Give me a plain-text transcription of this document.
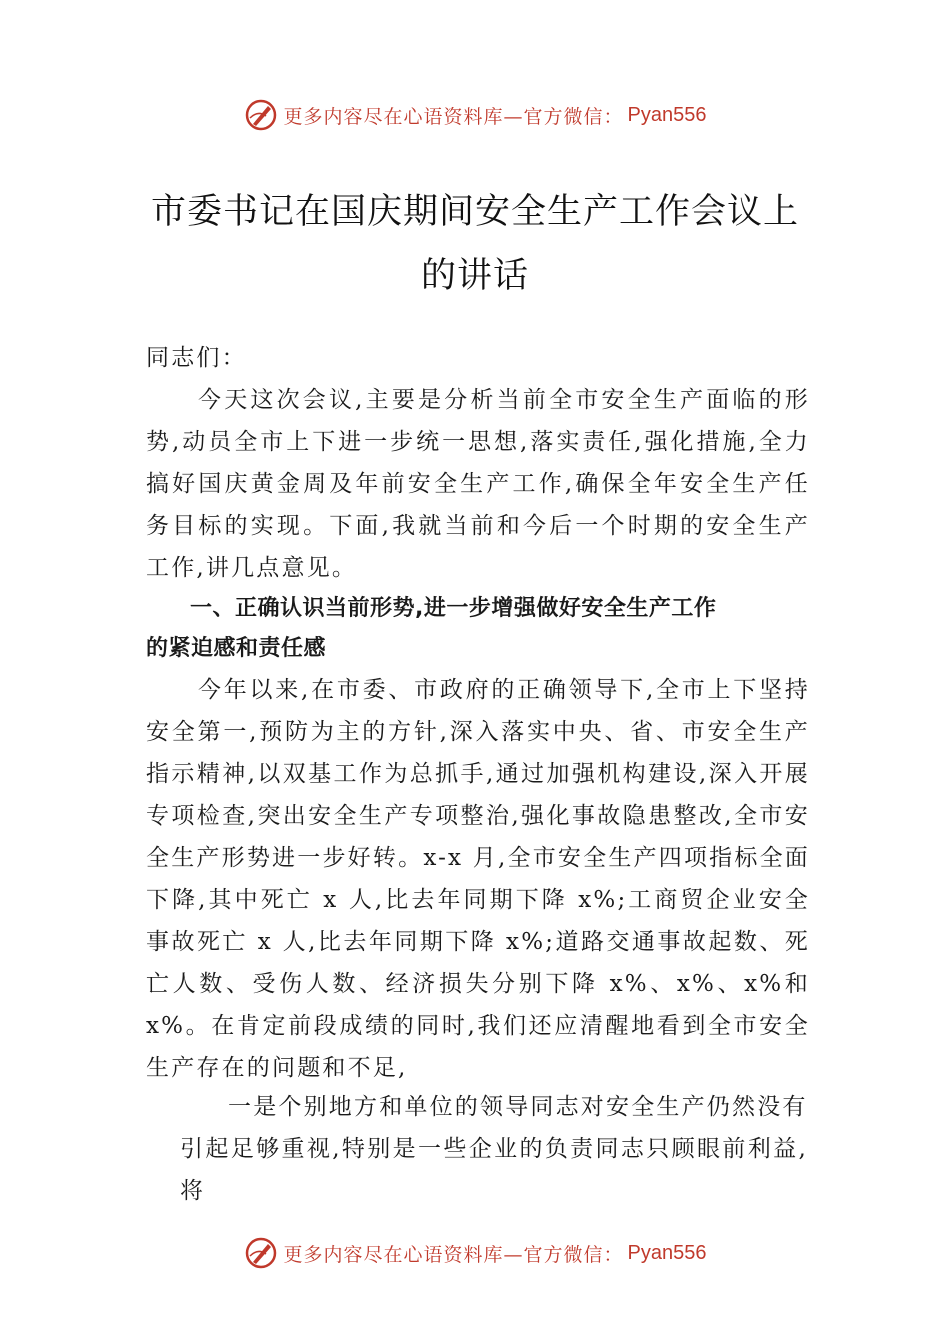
更多内容尽在心语资料库—官方微信： Pyan556
市委书记在国庆期间安全生产工作会议上
的讲话

同志们：

今天这次会议,主要是分析当前全市安全生产面临的形势,动员全市上下进一步统一思想,落实责任,强化措施,全力搞好国庆黄金周及年前安全生产工作,确保全年安全生产任务目标的实现。下面,我就当前和今后一个时期的安全生产工作,讲几点意见。

一、正确认识当前形势,进一步增强做好安全生产工作
的紧迫感和责任感

今年以来,在市委、市政府的正确领导下,全市上下坚持安全第一,预防为主的方针,深入落实中央、省、市安全生产指示精神,以双基工作为总抓手,通过加强机构建设,深入开展专项检查,突出安全生产专项整治,强化事故隐患整改,全市安全生产形势进一步好转。x-x 月,全市安全生产四项指标全面下降,其中死亡 x 人,比去年同期下降 x%;工商贸企业安全事故死亡 x 人,比去年同期下降 x%;道路交通事故起数、死亡人数、受伤人数、经济损失分别下降 x%、x%、x%和 x%。在肯定前段成绩的同时,我们还应清醒地看到全市安全生产存在的问题和不足,

一是个别地方和单位的领导同志对安全生产仍然没有
引起足够重视,特别是一些企业的负责同志只顾眼前利益,将

更多内容尽在心语资料库—官方微信： Pyan556
